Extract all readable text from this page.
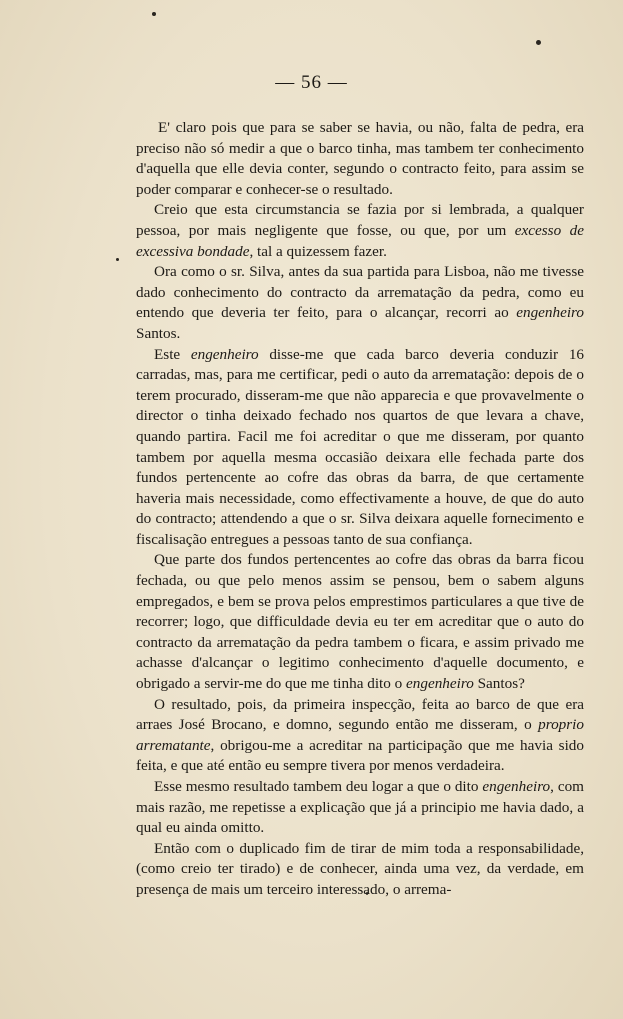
— 56 —

E' claro pois que para se saber se havia, ou não, falta de pedra, era preciso não só medir a que o barco tinha, mas tambem ter conhecimento d'aquella que elle devia conter, segundo o contracto feito, para assim se poder comparar e conhecer-se o resultado.

Creio que esta circumstancia se fazia por si lembrada, a qualquer pessoa, por mais negligente que fosse, ou que, por um excesso de excessiva bondade, tal a quizessem fazer.

Ora como o sr. Silva, antes da sua partida para Lisboa, não me tivesse dado conhecimento do contracto da arrematação da pedra, como eu entendo que deveria ter feito, para o alcançar, recorri ao engenheiro Santos.

Este engenheiro disse-me que cada barco deveria conduzir 16 carradas, mas, para me certificar, pedi o auto da arrematação: depois de o terem procurado, disseram-me que não apparecia e que provavelmente o director o tinha deixado fechado nos quartos de que levara a chave, quando partira. Facil me foi acreditar o que me disseram, por quanto tambem por aquella mesma occasião deixara elle fechada parte dos fundos pertencente ao cofre das obras da barra, de que certamente haveria mais necessidade, como effectivamente a houve, de que do auto do contracto; attendendo a que o sr. Silva deixara aquelle fornecimento e fiscalisação entregues a pessoas tanto de sua confiança.

Que parte dos fundos pertencentes ao cofre das obras da barra ficou fechada, ou que pelo menos assim se pensou, bem o sabem alguns empregados, e bem se prova pelos emprestimos particulares a que tive de recorrer; logo, que difficuldade devia eu ter em acreditar que o auto do contracto da arrematação da pedra tambem o ficara, e assim privado me achasse d'alcançar o legitimo conhecimento d'aquelle documento, e obrigado a servir-me do que me tinha dito o engenheiro Santos?

O resultado, pois, da primeira inspecção, feita ao barco de que era arraes José Brocano, e domno, segundo então me disseram, o proprio arrematante, obrigou-me a acreditar na participação que me havia sido feita, e que até então eu sempre tivera por menos verdadeira.

Esse mesmo resultado tambem deu logar a que o dito engenheiro, com mais razão, me repetisse a explicação que já a principio me havia dado, a qual eu ainda omitto.

Então com o duplicado fim de tirar de mim toda a responsabilidade, (como creio ter tirado) e de conhecer, ainda uma vez, da verdade, em presença de mais um terceiro interessado, o arrema-
